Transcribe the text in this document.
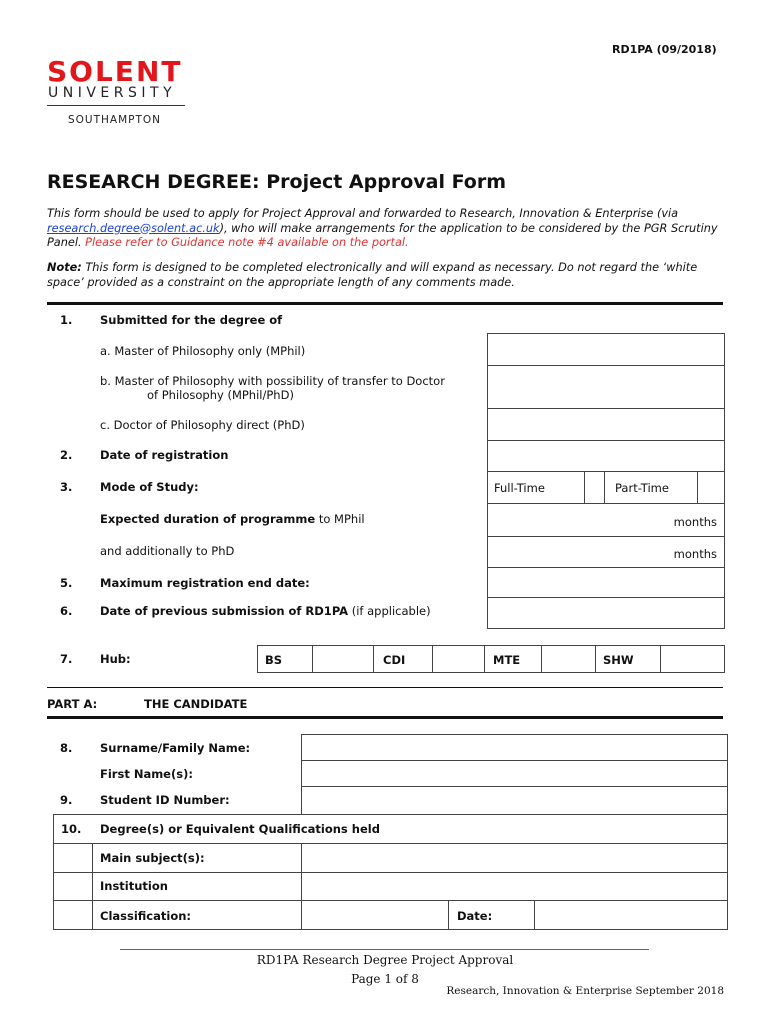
RD1PA (09/2018)
SOLENT
UNIVERSITY
SOUTHAMPTON
RESEARCH DEGREE: Project Approval Form
This form should be used to apply for Project Approval and forwarded to Research, Innovation & Enterprise (via research.degree@solent.ac.uk), who will make arrangements for the application to be considered by the PGR Scrutiny Panel. Please refer to Guidance note #4 available on the portal.
Note: This form is designed to be completed electronically and will expand as necessary. Do not regard the ‘white space’ provided as a constraint on the appropriate length of any comments made.
1. Submitted for the degree of
a. Master of Philosophy only (MPhil)
b. Master of Philosophy with possibility of transfer to Doctor
of Philosophy (MPhil/PhD)
c. Doctor of Philosophy direct (PhD)
2. Date of registration
3. Mode of Study:	Full-Time	Part-Time
Expected duration of programme to MPhil	months
and additionally to PhD	months
5. Maximum registration end date:
6. Date of previous submission of RD1PA (if applicable)
7. Hub:	BS	CDI	MTE	SHW
PART A:	THE CANDIDATE
8. Surname/Family Name:
First Name(s):
9. Student ID Number:
10. Degree(s) or Equivalent Qualifications held
Main subject(s):
Institution
Classification:	Date:
RD1PA Research Degree Project Approval
Page 1 of 8
Research, Innovation & Enterprise September 2018
